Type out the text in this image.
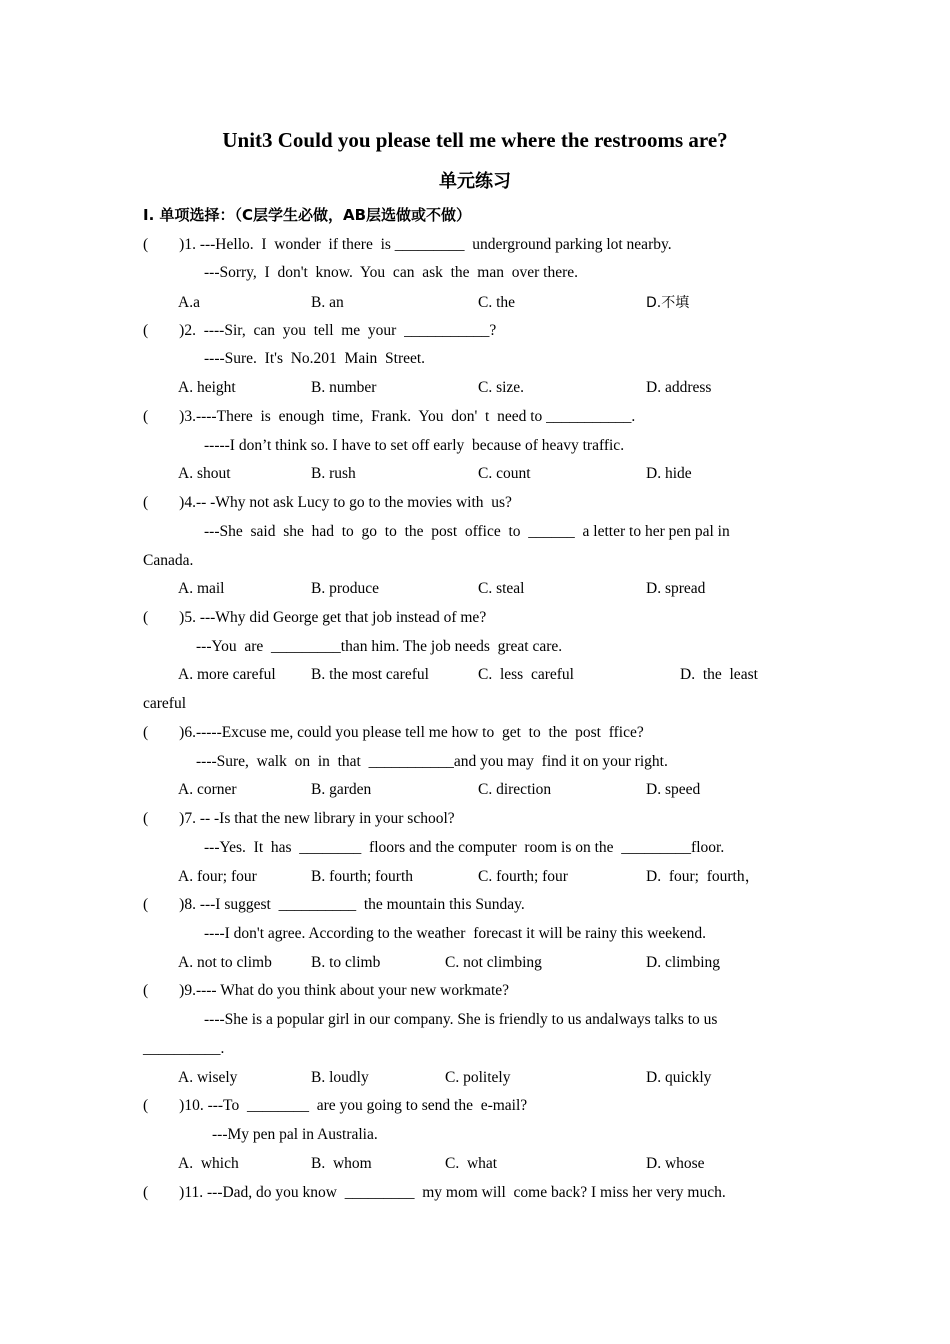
Unit3 Could you please tell me where the restrooms are?
单元练习
I. 单项选择：（C层学生必做，AB层选做或不做）
(        )1. ---Hello.  I  wonder  if there  is _________  underground parking lot nearby.
---Sorry,  I  don't  know.  You  can  ask  the  man  over there.
A.a	B. an	C. the	D.不填
(        )2.  ----Sir,  can  you  tell  me  your  ___________?
----Sure.  It's  No.201  Main  Street.
A. height	B. number	C. size.	D. address
(        )3.----There  is  enough  time,  Frank.  You  don'  t  need to ___________.
-----I don’t think so. I have to set off early  because of heavy traffic.
A. shout	B. rush	C. count	D. hide
(        )4.-- -Why not ask Lucy to go to the movies with  us?
---She  said  she  had  to  go  to  the  post  office  to  ______  a letter to her pen pal in
Canada.
A. mail	B. produce	C. steal	D. spread
(        )5. ---Why did George get that job instead of me?
---You  are  _________than him. The job needs  great care.
A. more careful B. the most careful	C.  less  careful	D.  the  least
careful
(        )6.-----Excuse me, could you please tell me how to  get  to  the  post  ffice?
----Sure,  walk  on  in  that  ___________and you may  find it on your right.
A. corner	B. garden	C. direction	D. speed
(        )7. -- -Is that the new library in your school?
---Yes.  It  has  ________  floors and the computer  room is on the  _________floor.
A. four; four	B. fourth; fourth	C. fourth; four	D.  four;  fourth，
(        )8. ---I suggest  __________  the mountain this Sunday.
----I don't agree. According to the weather  forecast it will be rainy this weekend.
A. not to climb	B. to climb	C. not climbing	D. climbing
(        )9.---- What do you think about your new workmate?
----She is a popular girl in our company. She is friendly to us andalways talks to us
__________.
A. wisely	B. loudly	C. politely	D. quickly
(        )10. ---To  ________  are you going to send the  e-mail?
---My pen pal in Australia.
A.  which	B.  whom	C.  what	D. whose
(        )11. ---Dad, do you know  _________  my mom will  come back? I miss her very much.
